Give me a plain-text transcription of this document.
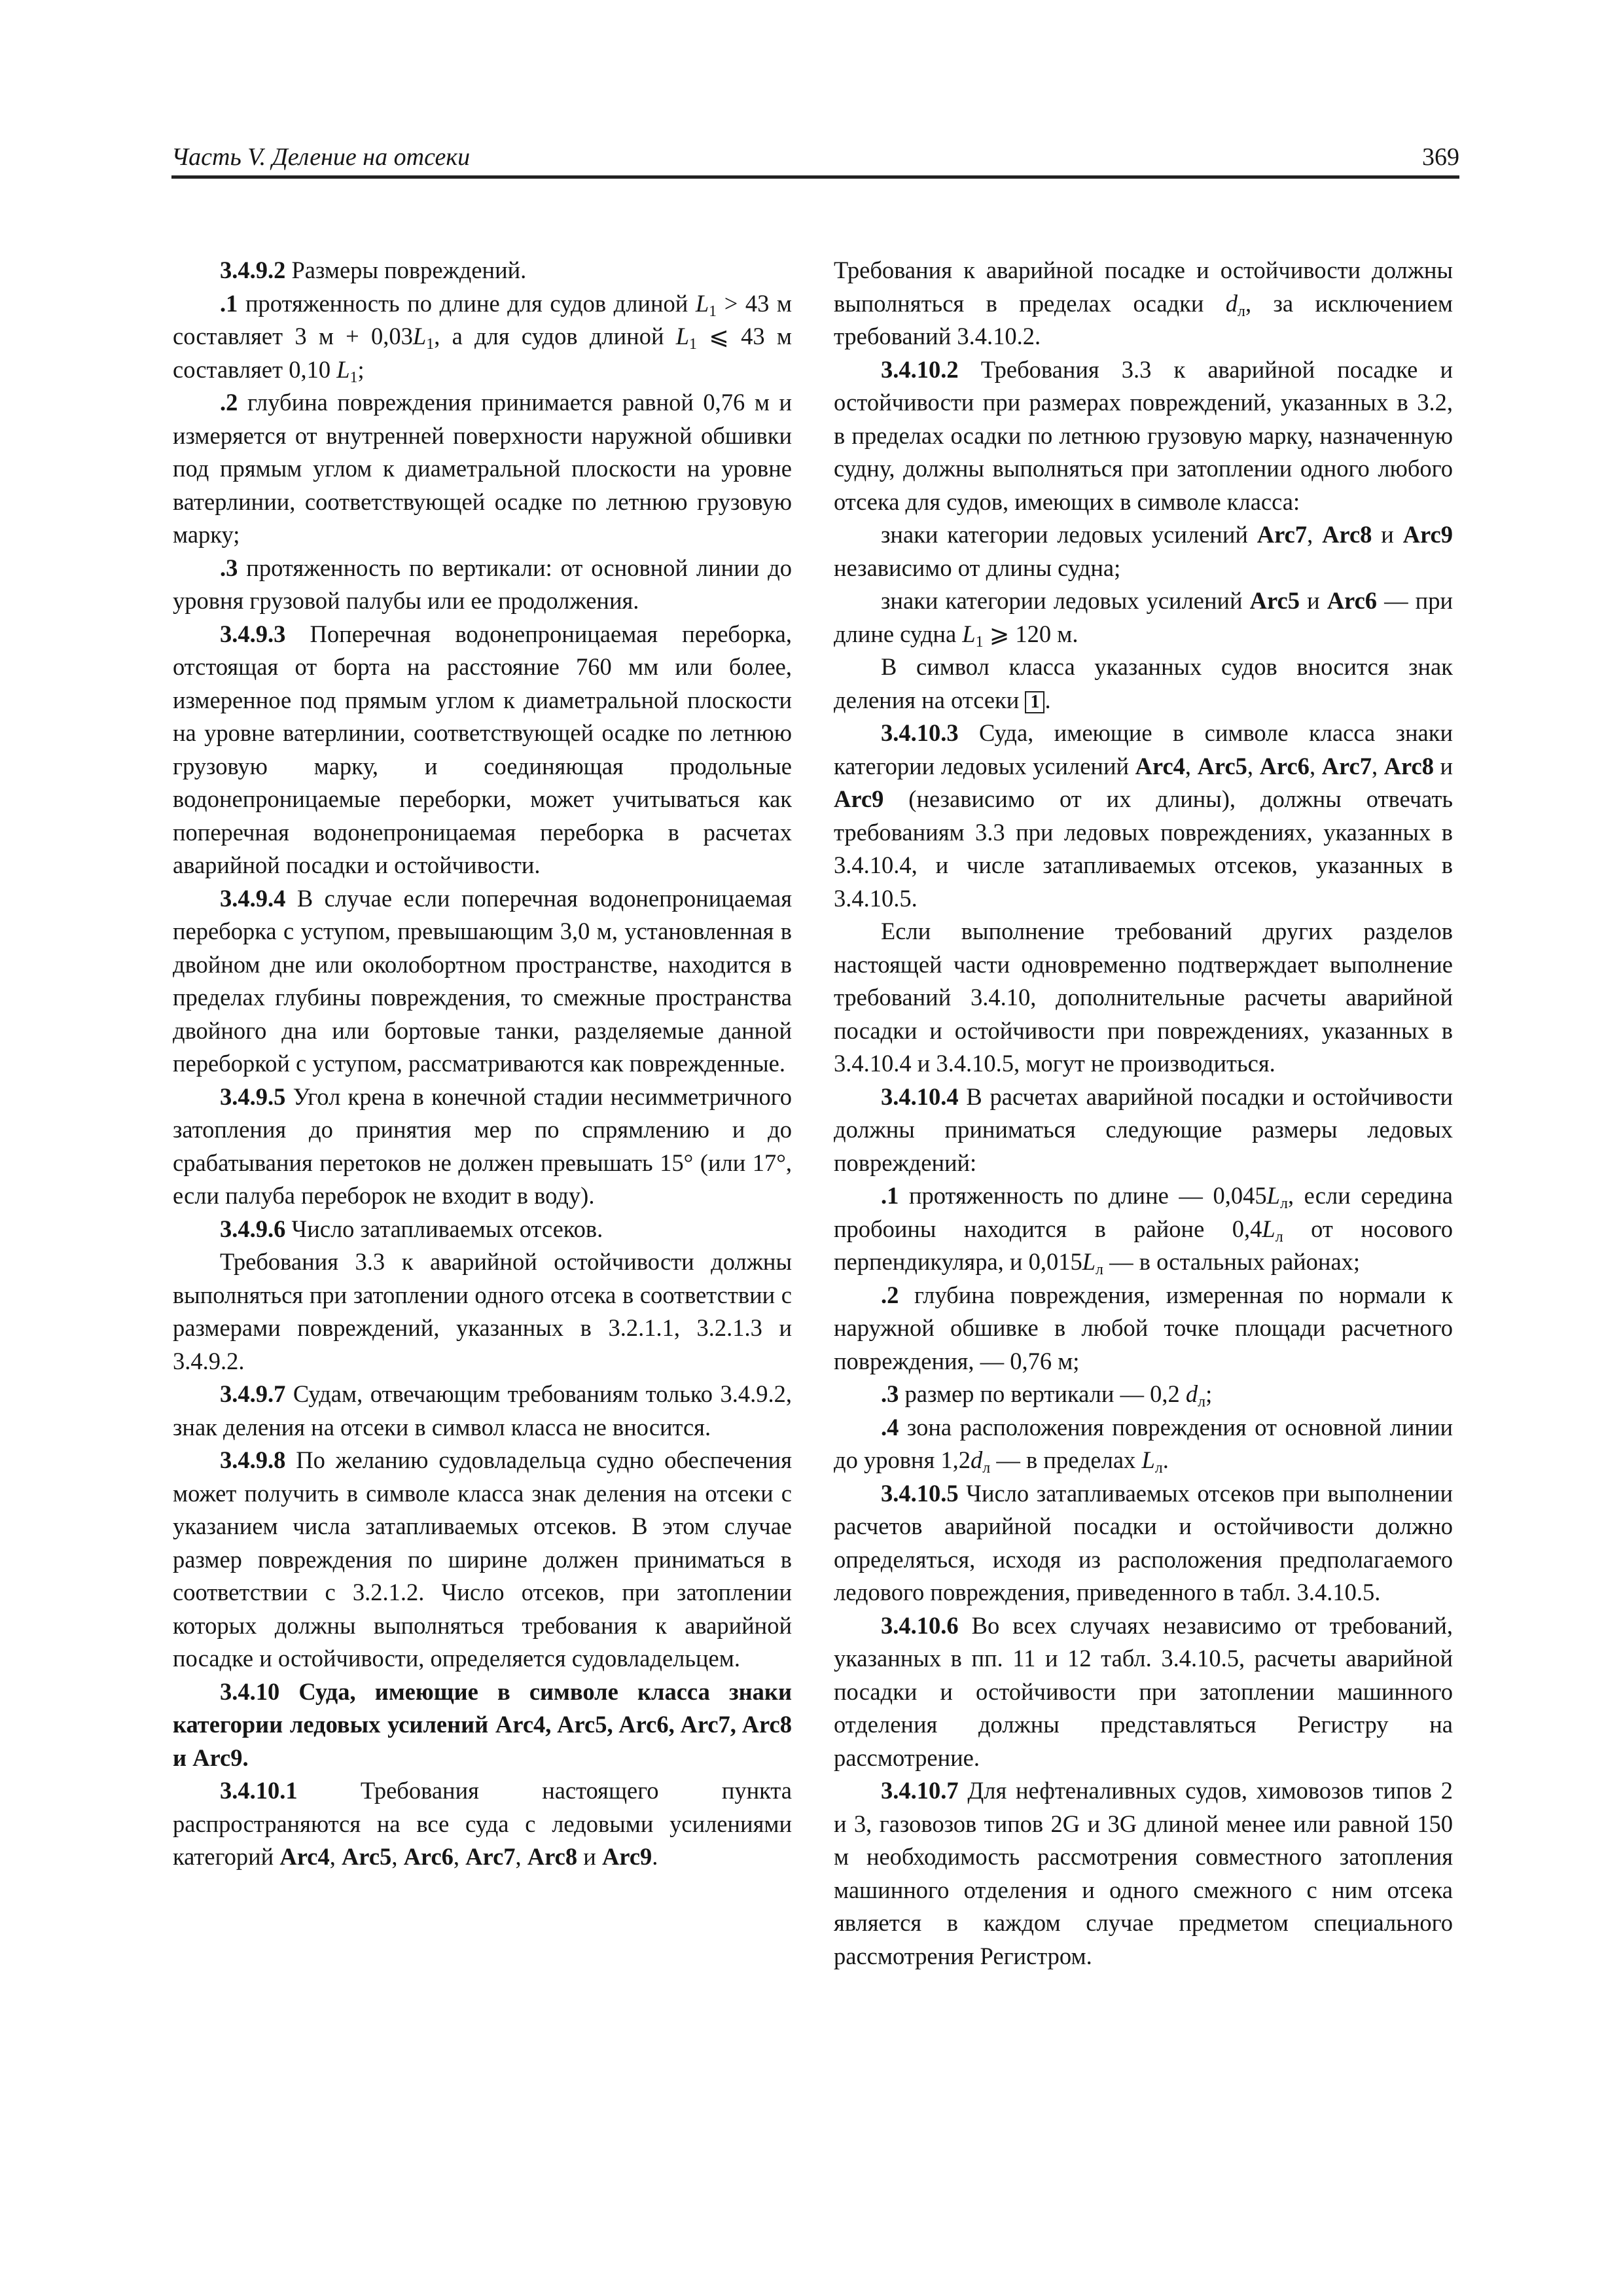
Часть V. Деление на отсеки	369

3.4.9.2 Размеры повреждений.

.1 протяженность по длине для судов длиной $L_1 > 43$ м составляет 3 $м + 0,03L_1$, а для судов длиной $L_1$ ⩽ 43 м составляет 0,10 $L_1$;

.2 глубина повреждения принимается равной 0,76 м и измеряется от внутренней поверхности наружной обшивки под прямым углом к диаметральной плоскости на уровне ватерлинии, соответствующей осадке по летнюю грузовую марку;

.3 протяженность по вертикали: от основной линии до уровня грузовой палубы или ее продолжения.

3.4.9.3 Поперечная водонепроницаемая переборка, отстоящая от борта на расстояние 760 мм или более, измеренное под прямым углом к диаметральной плоскости на уровне ватерлинии, соответствующей осадке по летнюю грузовую марку, и соединяющая продольные водонепроницаемые переборки, может учитываться как поперечная водонепроницаемая переборка в расчетах аварийной посадки и остойчивости.

3.4.9.4 В случае если поперечная водонепроницаемая переборка с уступом, превышающим 3,0 м, установленная в двойном дне или околобортном пространстве, находится в пределах глубины повреждения, то смежные пространства двойного дна или бортовые танки, разделяемые данной переборкой с уступом, рассматриваются как поврежденные.

3.4.9.5 Угол крена в конечной стадии несимметричного затопления до принятия мер по спрямлению и до срабатывания перетоков не должен превышать 15° (или 17°, если палуба переборок не входит в воду).

3.4.9.6 Число затапливаемых отсеков.

Требования 3.3 к аварийной остойчивости должны выполняться при затоплении одного отсека в соответствии с размерами повреждений, указанных в 3.2.1.1, 3.2.1.3 и 3.4.9.2.

3.4.9.7 Судам, отвечающим требованиям только 3.4.9.2, знак деления на отсеки в символ класса не вносится.

3.4.9.8 По желанию судовладельца судно обеспечения может получить в символе класса знак деления на отсеки с указанием числа затапливаемых отсеков. В этом случае размер повреждения по ширине должен приниматься в соответствии с 3.2.1.2. Число отсеков, при затоплении которых должны выполняться требования к аварийной посадке и остойчивости, определяется судовладельцем.

3.4.10 Суда, имеющие в символе класса знаки категории ледовых усилений Arc4, Arc5, Arc6, Arc7, Arc8 и Arc9.

3.4.10.1	Требования настоящего пункта распространяются на все суда с ледовыми усилениями категорий Arc4, Arc5, Arc6, Arc7, Arc8 и Arc9.

Требования к аварийной посадке и остойчивости должны выполняться в пределах осадки $d_л$, за исключением требований 3.4.10.2.

3.4.10.2 Требования 3.3 к аварийной посадке и остойчивости при размерах повреждений, указанных в 3.2, в пределах осадки по летнюю грузовую марку, назначенную судну, должны выполняться при затоплении одного любого отсека для судов, имеющих в символе класса:

знаки категории ледовых усилений Arc7, Arc8 и Arc9 независимо от длины судна;

знаки категории ледовых усилений Arc5 и Arc6 — при длине судна $L_1$ ⩾ 120 м.

В символ класса указанных судов вносится знак деления на отсеки 1 .

3.4.10.3 Суда, имеющие в символе класса знаки категории ледовых усилений Arc4, Arc5, Arc6, Arc7, Arc8 и Arc9 (независимо от их длины), должны отвечать требованиям 3.3 при ледовых повреждениях, указанных в 3.4.10.4, и числе затапливаемых отсеков, указанных в 3.4.10.5.

Если выполнение требований других разделов настоящей части одновременно подтверждает выполнение требований 3.4.10, дополнительные расчеты аварийной посадки и остойчивости при повреждениях, указанных в 3.4.10.4 и 3.4.10.5, могут не производиться.

3.4.10.4 В расчетах аварийной посадки и остойчивости должны приниматься следующие размеры ледовых повреждений:

.1 протяженность по длине — $0,045L_л$, если середина пробоины находится в районе $0,4L_л$ от носового перпендикуляра, и $0,015L_л$ — в остальных районах;

.2 глубина повреждения, измеренная по нормали к наружной обшивке в любой точке площади расчетного повреждения, — 0,76 м;

.3 размер по вертикали — 0,2 $d_л$;

.4 зона расположения повреждения от основной линии до уровня $1,2d_л$ — в пределах $L_л$.

3.4.10.5 Число затапливаемых отсеков при выполнении расчетов аварийной посадки и остойчивости должно определяться, исходя из расположения предполагаемого ледового повреждения, приведенного в табл. 3.4.10.5.

3.4.10.6 Во всех случаях независимо от требований, указанных в пп. 11 и 12 табл. 3.4.10.5, расчеты аварийной посадки и остойчивости при затоплении машинного отделения должны представляться Регистру на рассмотрение.

3.4.10.7 Для нефтеналивных судов, химовозов типов 2 и 3, газовозов типов 2G и 3G длиной менее или равной 150 м необходимость рассмотрения совместного затопления машинного отделения и одного смежного с ним отсека является в каждом случае предметом специального рассмотрения Регистром.
